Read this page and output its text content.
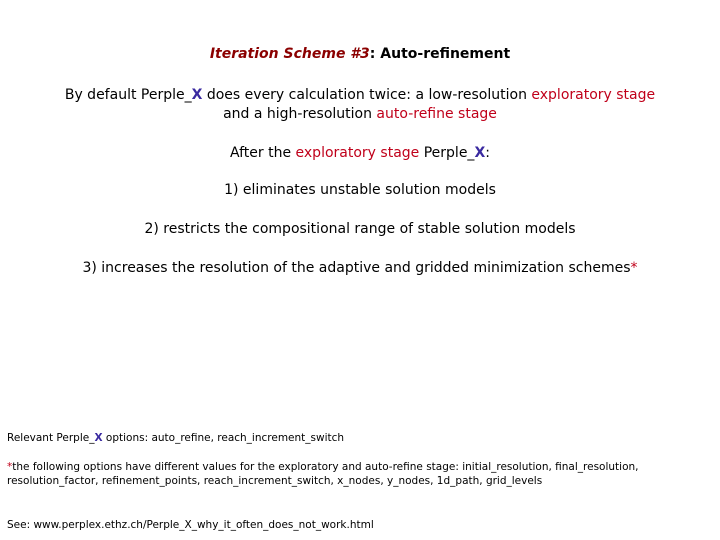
Iteration Scheme #3: Auto-refinement
By default Perple_X does every calculation twice: a low-resolution exploratory stage
and a high-resolution auto-refine stage
After the exploratory stage Perple_X:
1) eliminates unstable solution models
2) restricts the compositional range of stable solution models
3) increases the resolution of the adaptive and gridded minimization schemes*
Relevant Perple_X options: auto_refine, reach_increment_switch
*the following options have different values for the exploratory and auto-refine stage: initial_resolution, final_resolution, resolution_factor, refinement_points, reach_increment_switch, x_nodes, y_nodes, 1d_path, grid_levels
See: www.perplex.ethz.ch/Perple_X_why_it_often_does_not_work.html
